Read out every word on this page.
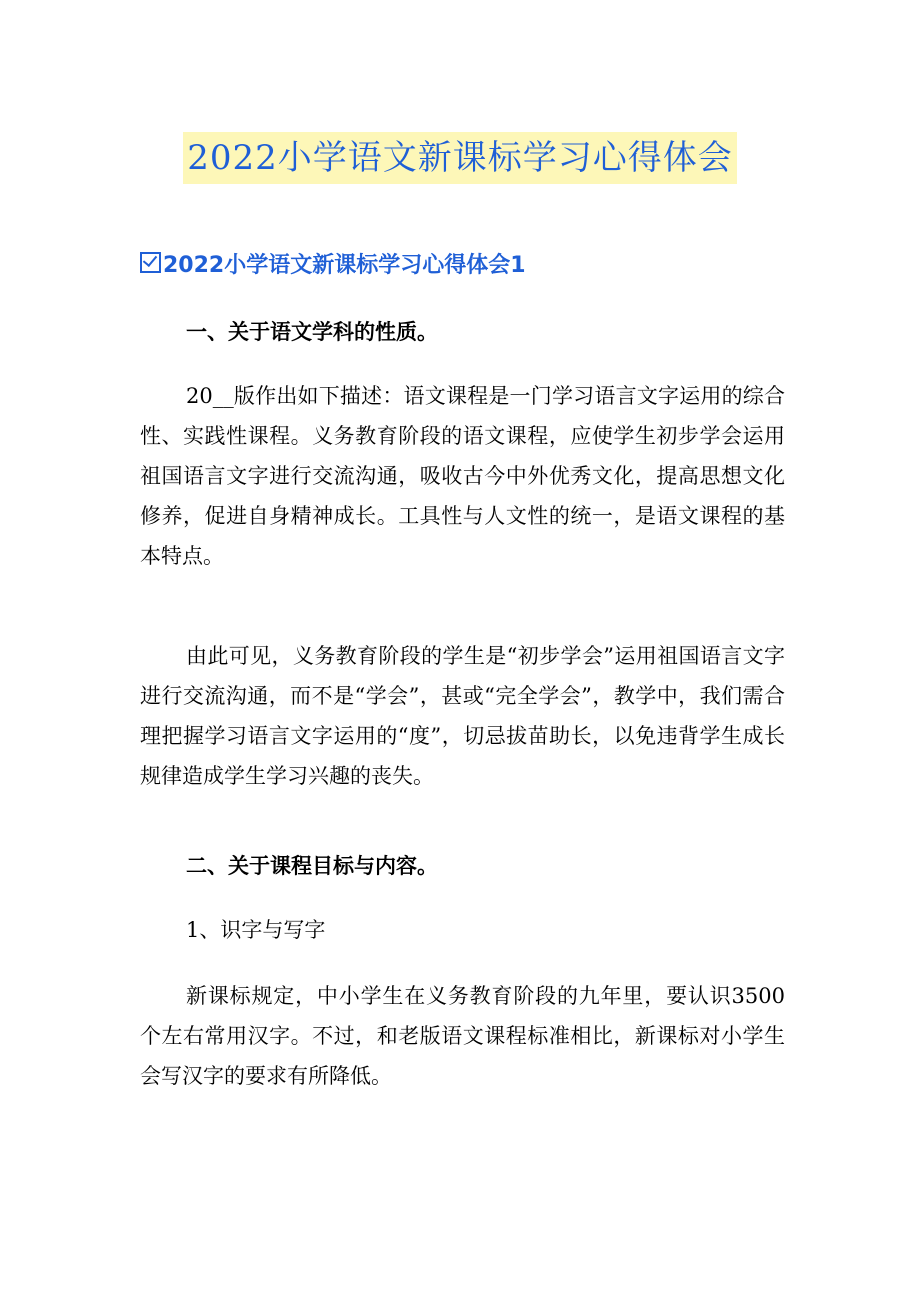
2022小学语文新课标学习心得体会
2022小学语文新课标学习心得体会1

一、关于语文学科的性质。

20__版作出如下描述：语文课程是一门学习语言文字运用的综合性、实践性课程。义务教育阶段的语文课程，应使学生初步学会运用祖国语言文字进行交流沟通，吸收古今中外优秀文化，提高思想文化修养，促进自身精神成长。工具性与人文性的统一，是语文课程的基本特点。

由此可见，义务教育阶段的学生是“初步学会”运用祖国语言文字进行交流沟通，而不是“学会”，甚或“完全学会”，教学中，我们需合理把握学习语言文字运用的“度”，切忌拔苗助长，以免违背学生成长规律造成学生学习兴趣的丧失。

二、关于课程目标与内容。

1、识字与写字

新课标规定，中小学生在义务教育阶段的九年里，要认识3500个左右常用汉字。不过，和老版语文课程标准相比，新课标对小学生会写汉字的要求有所降低。
